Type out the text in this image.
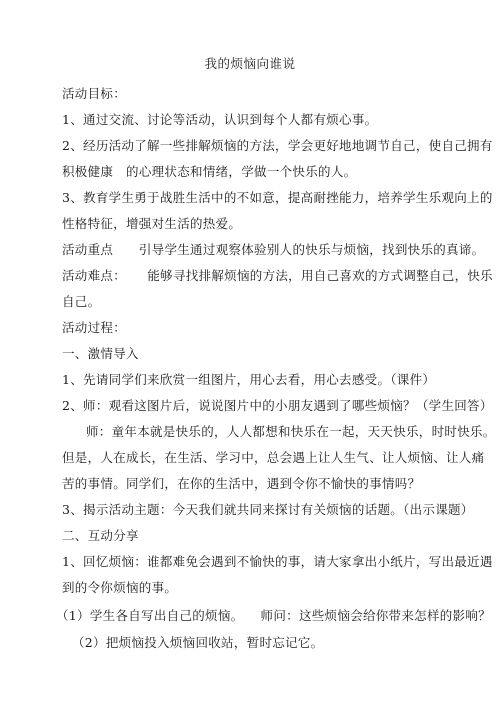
我的烦恼向谁说
活动目标：
1、通过交流、讨论等活动，认识到每个人都有烦心事。
2、经历活动了解一些排解烦恼的方法，学会更好地地调节自己，使自己拥有
积极健康   的心理状态和情绪，学做一个快乐的人。
3、教育学生勇于战胜生活中的不如意，提高耐挫能力，培养学生乐观向上的
性格特征，增强对生活的热爱。
活动重点      引导学生通过观察体验别人的快乐与烦恼，找到快乐的真谛。
活动难点：     能够寻找排解烦恼的方法，用自己喜欢的方式调整自己，快乐
自己。
活动过程：
一、激情导入
1、先请同学们来欣赏一组图片，用心去看，用心去感受。（课件）
2、师：观看这图片后，说说图片中的小朋友遇到了哪些烦恼？（学生回答）
师：童年本就是快乐的，人人都想和快乐在一起，天天快乐，时时快乐。
但是，人在成长，在生活、学习中，总会遇上让人生气、让人烦恼、让人痛
苦的事情。同学们，在你的生活中，遇到令你不愉快的事情吗？
3、揭示活动主题：今天我们就共同来探讨有关烦恼的话题。（出示课题）
二、互动分享
1、回忆烦恼：谁都难免会遇到不愉快的事，请大家拿出小纸片，写出最近遇
到的令你烦恼的事。
（1）学生各自写出自己的烦恼。    师问：这些烦恼会给你带来怎样的影响？
（2）把烦恼投入烦恼回收站，暂时忘记它。
